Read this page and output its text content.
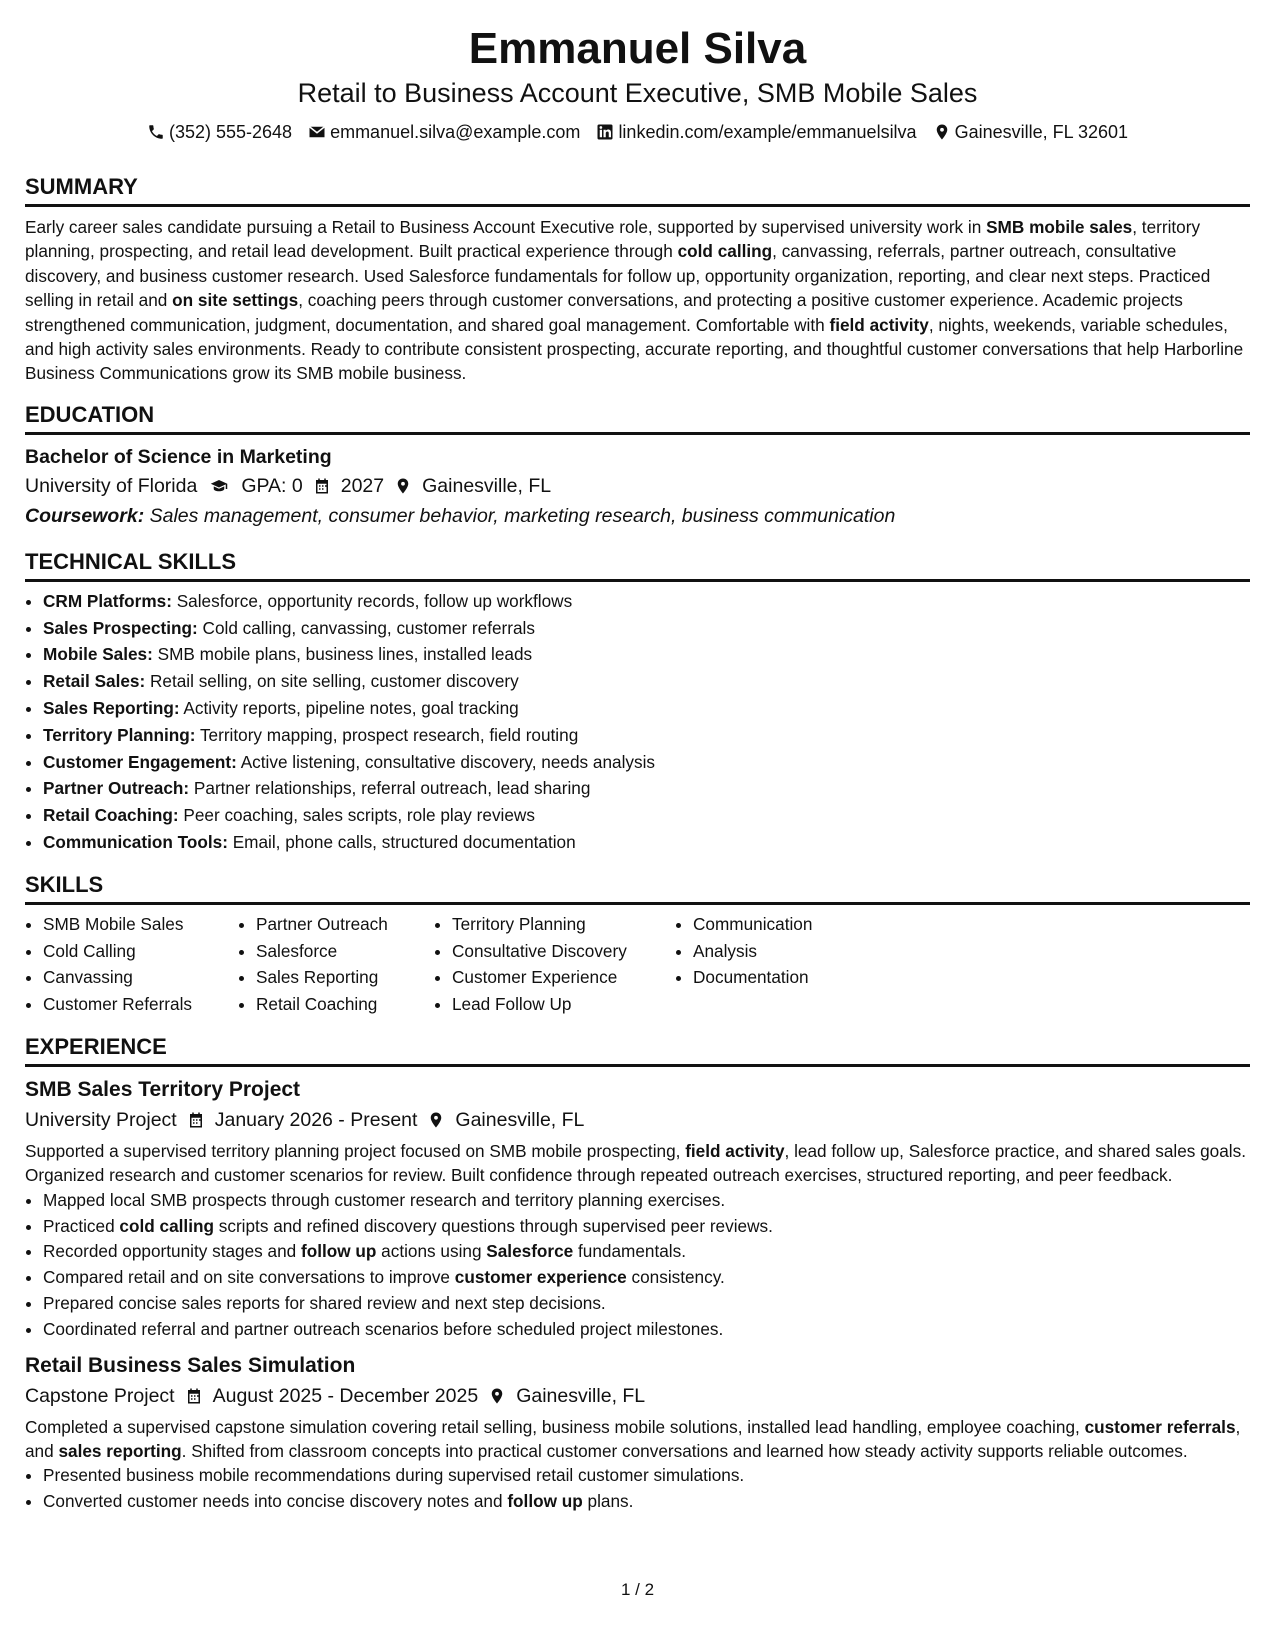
Emmanuel Silva
Retail to Business Account Executive, SMB Mobile Sales
(352) 555-2648 emmanuel.silva@example.com linkedin.com/example/emmanuelsilva Gainesville, FL 32601
SUMMARY

Early career sales candidate pursuing a Retail to Business Account Executive role, supported by supervised university work in SMB mobile sales, territory planning, prospecting, and retail lead development. Built practical experience through cold calling, canvassing, referrals, partner outreach, consultative discovery, and business customer research. Used Salesforce fundamentals for follow up, opportunity organization, reporting, and clear next steps. Practiced selling in retail and on site settings, coaching peers through customer conversations, and protecting a positive customer experience. Academic projects strengthened communication, judgment, documentation, and shared goal management. Comfortable with field activity, nights, weekends, variable schedules, and high activity sales environments. Ready to contribute consistent prospecting, accurate reporting, and thoughtful customer conversations that help Harborline Business Communications grow its SMB mobile business.

EDUCATION
Bachelor of Science in Marketing
University of Florida GPA: 0 2027 Gainesville, FL
Coursework: Sales management, consumer behavior, marketing research, business communication
TECHNICAL SKILLS
• CRM Platforms: Salesforce, opportunity records, follow up workflows
• Sales Prospecting: Cold calling, canvassing, customer referrals
• Mobile Sales: SMB mobile plans, business lines, installed leads
• Retail Sales: Retail selling, on site selling, customer discovery
• Sales Reporting: Activity reports, pipeline notes, goal tracking
• Territory Planning: Territory mapping, prospect research, field routing
• Customer Engagement: Active listening, consultative discovery, needs analysis
• Partner Outreach: Partner relationships, referral outreach, lead sharing
• Retail Coaching: Peer coaching, sales scripts, role play reviews
• Communication Tools: Email, phone calls, structured documentation
SKILLS
• SMB Mobile Sales
• Cold Calling
• Canvassing
• Customer Referrals
• Partner Outreach
• Salesforce
• Sales Reporting
• Retail Coaching
• Territory Planning
• Consultative Discovery
• Customer Experience
• Lead Follow Up
• Communication
• Analysis
• Documentation
EXPERIENCE
SMB Sales Territory Project
University Project January 2026 - Present Gainesville, FL

Supported a supervised territory planning project focused on SMB mobile prospecting, field activity, lead follow up, Salesforce practice, and shared sales goals. Organized research and customer scenarios for review. Built confidence through repeated outreach exercises, structured reporting, and peer feedback.

• Mapped local SMB prospects through customer research and territory planning exercises.
• Practiced cold calling scripts and refined discovery questions through supervised peer reviews.
• Recorded opportunity stages and follow up actions using Salesforce fundamentals.
• Compared retail and on site conversations to improve customer experience consistency.
• Prepared concise sales reports for shared review and next step decisions.
• Coordinated referral and partner outreach scenarios before scheduled project milestones.
Retail Business Sales Simulation
Capstone Project August 2025 - December 2025 Gainesville, FL

Completed a supervised capstone simulation covering retail selling, business mobile solutions, installed lead handling, employee coaching, customer referrals, and sales reporting. Shifted from classroom concepts into practical customer conversations and learned how steady activity supports reliable outcomes.

• Presented business mobile recommendations during supervised retail customer simulations.
• Converted customer needs into concise discovery notes and follow up plans.
1 / 2
